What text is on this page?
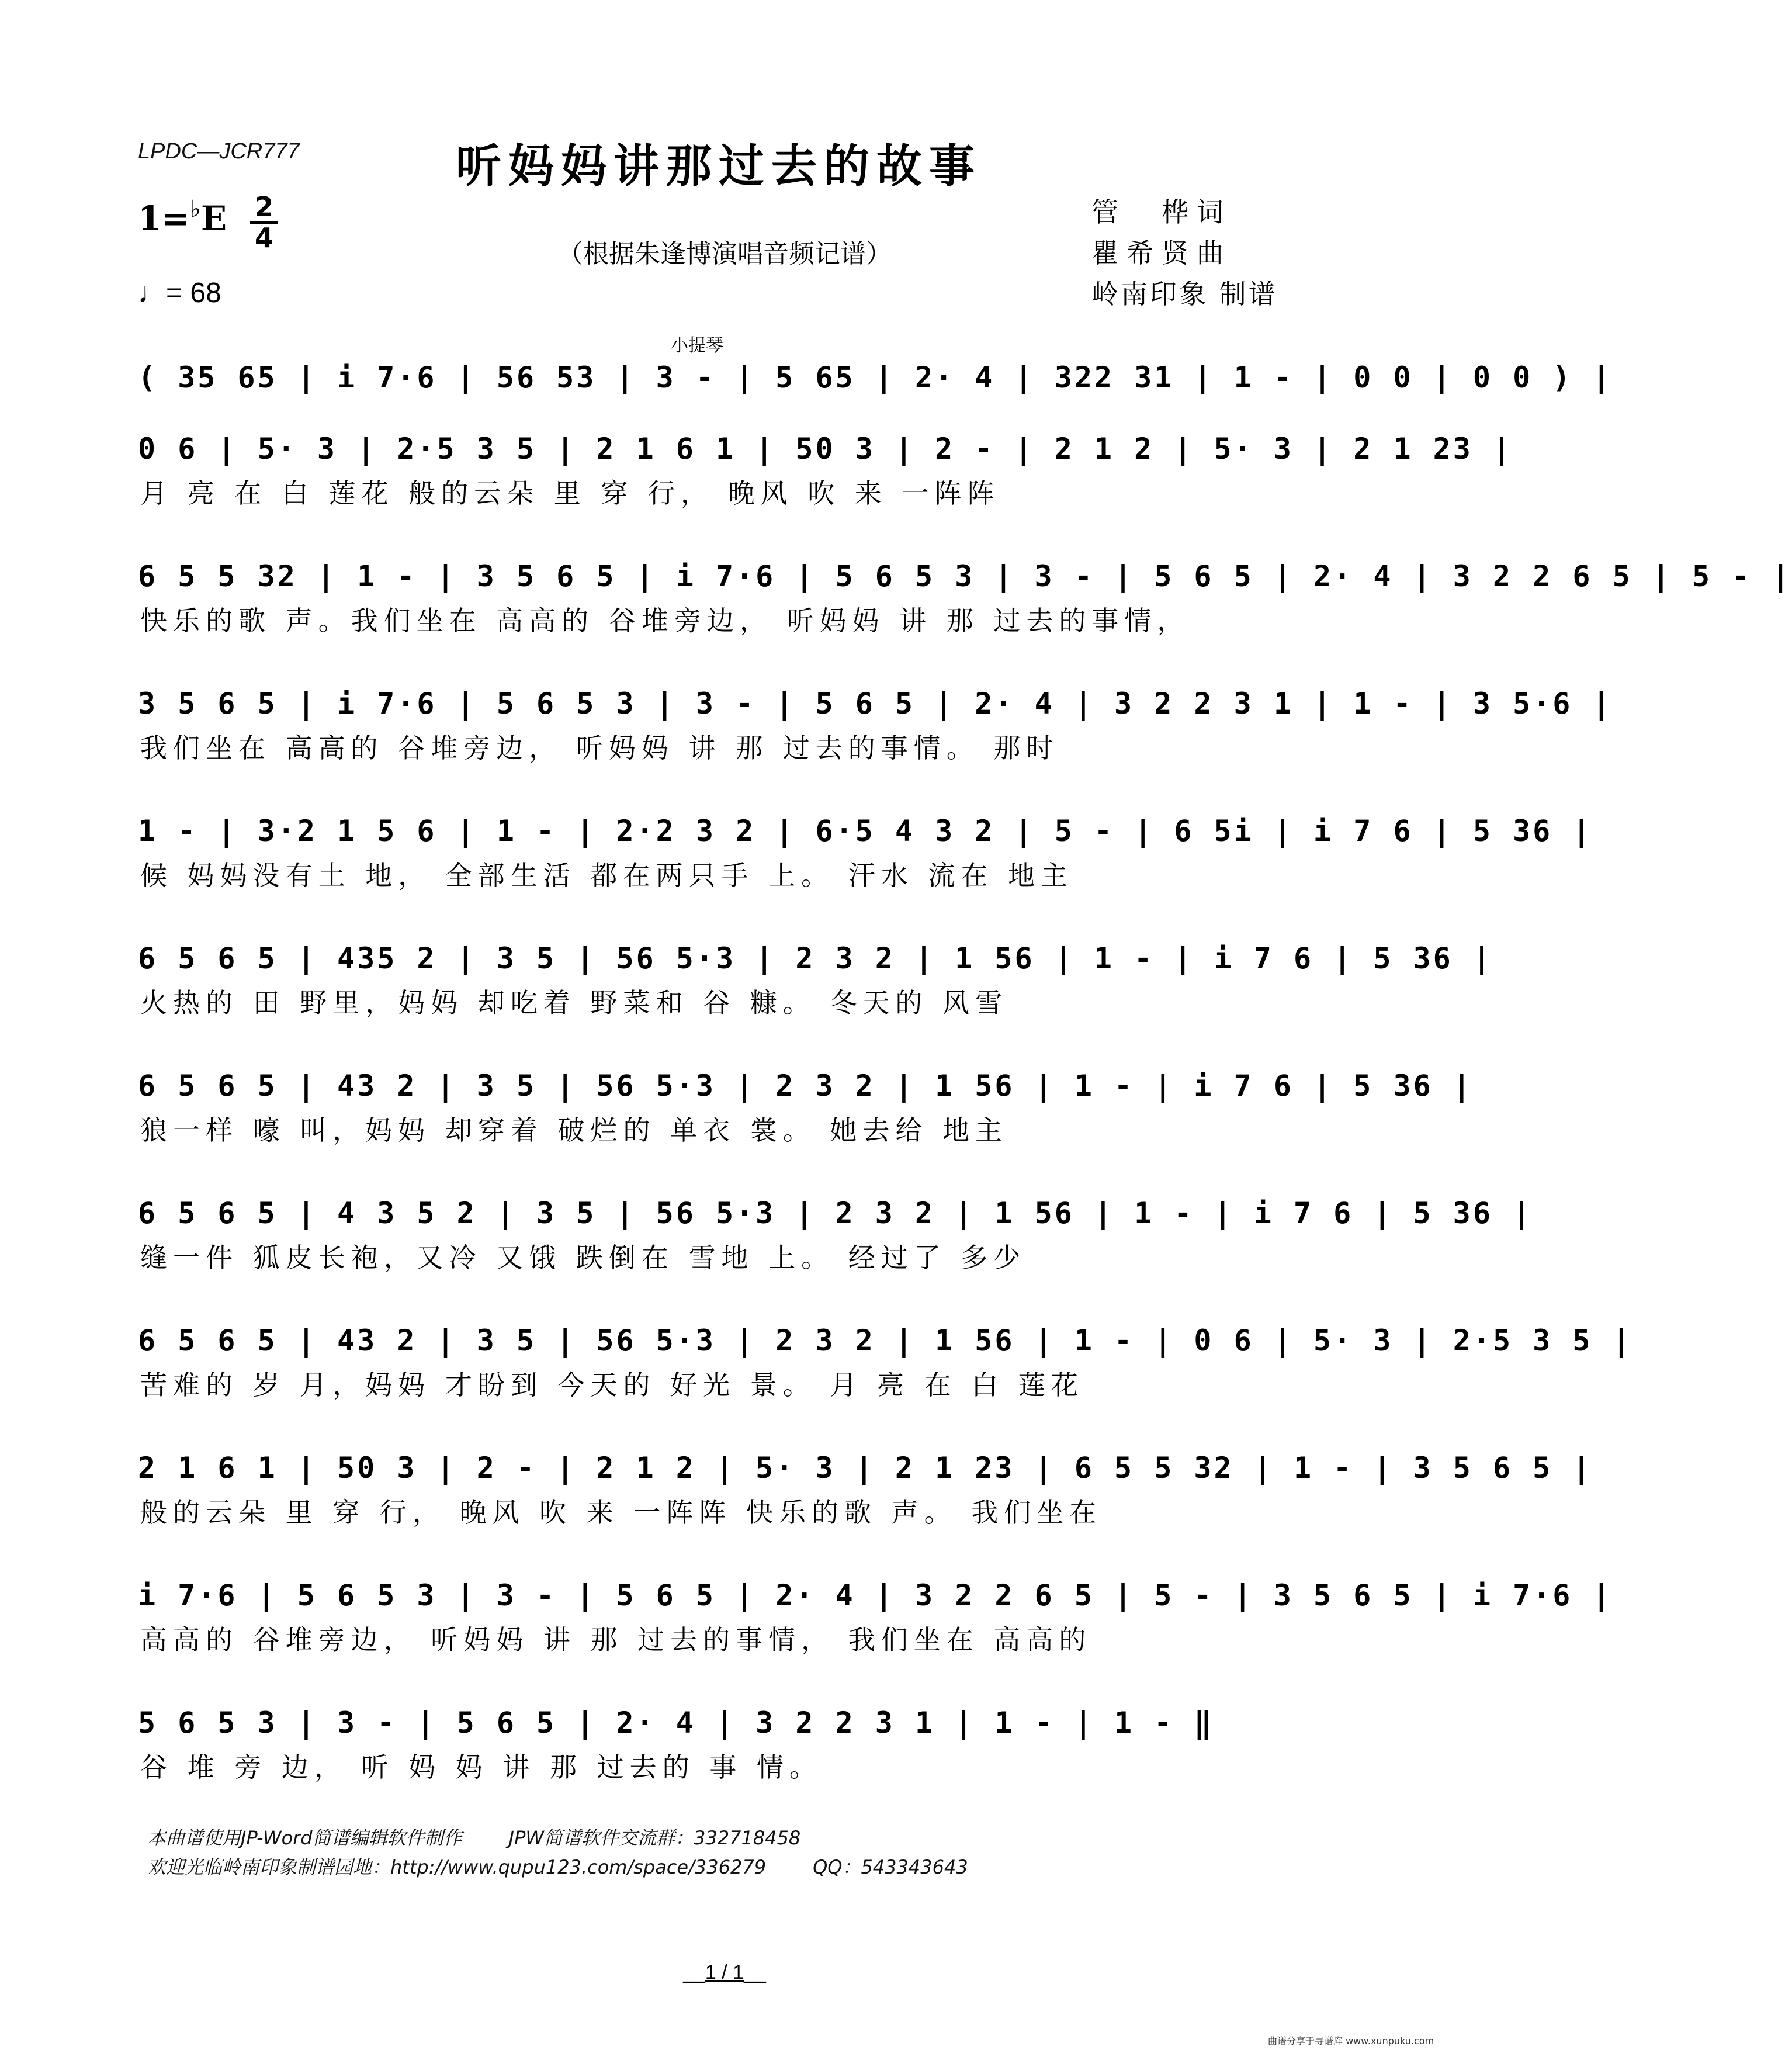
LPDC—JCR777	听妈妈讲那过去的故事
（根据朱逢博演唱音频记谱）
1=♭E 2
4
♩= 68
管　桦词
瞿希贤曲
岭南印象 制谱
小提琴
( 35 65 | i 7·6 | 56 53 | 3 - | 5 65 | 2· 4 | 322 31 | 1 - | 0 0 | 0 0 ) |
0 6 | 5· 3 | 2·5 3 5 | 2 1 6 1 | 50 3 | 2 - | 2 1 2 | 5· 3 | 2 1 23 |
月 亮 在 白 莲花 般的云朵 里 穿 行， 晚风 吹 来 一阵阵
6 5 5 32 | 1 - | 3 5 6 5 | i 7·6 | 5 6 5 3 | 3 - | 5 6 5 | 2· 4 | 3 2 2 6 5 | 5 - |
快乐的歌 声。我们坐在 高高的 谷堆旁边， 听妈妈 讲 那 过去的事情，
3 5 6 5 | i 7·6 | 5 6 5 3 | 3 - | 5 6 5 | 2· 4 | 3 2 2 3 1 | 1 - | 3 5·6 |
我们坐在 高高的 谷堆旁边， 听妈妈 讲 那 过去的事情。 那时
1 - | 3·2 1 5 6 | 1 - | 2·2 3 2 | 6·5 4 3 2 | 5 - | 6 5i | i 7 6 | 5 36 |
候 妈妈没有土 地， 全部生活 都在两只手 上。 汗水 流在 地主
6 5 6 5 | 435 2 | 3 5 | 56 5·3 | 2 3 2 | 1 56 | 1 - | i 7 6 | 5 36 |
火热的 田 野里，妈妈 却吃着 野菜和 谷 糠。 冬天的 风雪
6 5 6 5 | 43 2 | 3 5 | 56 5·3 | 2 3 2 | 1 56 | 1 - | i 7 6 | 5 36 |
狼一样 嚎 叫，妈妈 却穿着 破烂的 单衣 裳。 她去给 地主
6 5 6 5 | 4 3 5 2 | 3 5 | 56 5·3 | 2 3 2 | 1 56 | 1 - | i 7 6 | 5 36 |
缝一件 狐皮长袍，又冷 又饿 跌倒在 雪地 上。 经过了 多少
6 5 6 5 | 43 2 | 3 5 | 56 5·3 | 2 3 2 | 1 56 | 1 - | 0 6 | 5· 3 | 2·5 3 5 |
苦难的 岁 月，妈妈 才盼到 今天的 好光 景。 月 亮 在 白 莲花
2 1 6 1 | 50 3 | 2 - | 2 1 2 | 5· 3 | 2 1 23 | 6 5 5 32 | 1 - | 3 5 6 5 |
般的云朵 里 穿 行， 晚风 吹 来 一阵阵 快乐的歌 声。 我们坐在
i 7·6 | 5 6 5 3 | 3 - | 5 6 5 | 2· 4 | 3 2 2 6 5 | 5 - | 3 5 6 5 | i 7·6 |
高高的 谷堆旁边， 听妈妈 讲 那 过去的事情， 我们坐在 高高的
5 6 5 3 | 3 - | 5 6 5 | 2· 4 | 3 2 2 3 1 | 1 - | 1 - ‖
谷 堆 旁 边， 听 妈 妈 讲 那 过去的 事 情。
本曲谱使用JP-Word简谱编辑软件制作	JPW简谱软件交流群：332718458
欢迎光临岭南印象制谱园地：http://www.qupu123.com/space/336279	QQ：543343643
__1 / 1__
曲谱分享于寻谱库 www.xunpuku.com
